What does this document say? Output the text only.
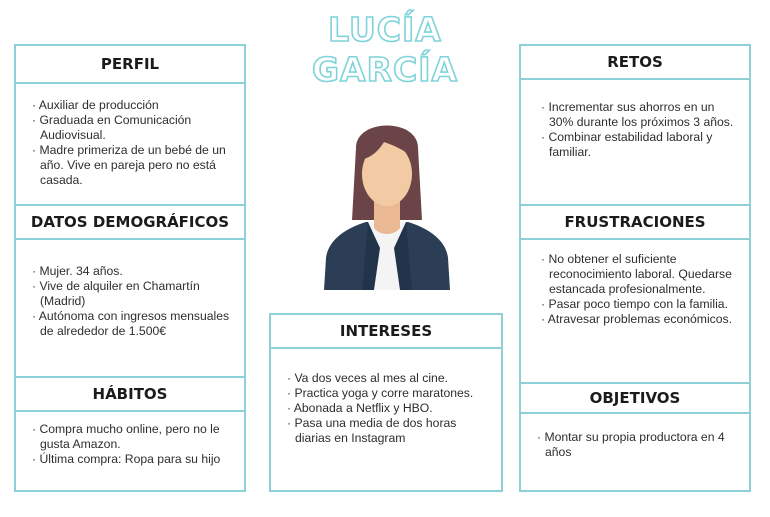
LUCÍA
GARCÍA
PERFIL
· Auxiliar de producción
· Graduada en Comunicación Audiovisual.
· Madre primeriza de un bebé de un año. Vive en pareja pero no está casada.
DATOS DEMOGRÁFICOS
· Mujer. 34 años.
· Vive de alquiler en Chamartín (Madrid)
· Autónoma con ingresos mensuales de alrededor de 1.500€
HÁBITOS
· Compra mucho online, pero no le gusta Amazon.
· Última compra: Ropa para su hijo
INTERESES
· Va dos veces al mes al cine.
· Practica yoga y corre maratones.
· Abonada a Netflix y HBO.
· Pasa una media de dos horas diarias en Instagram
RETOS
· Incrementar sus ahorros en un 30% durante los próximos 3 años.
· Combinar estabilidad laboral y familiar.
FRUSTRACIONES
· No obtener el suficiente reconocimiento laboral. Quedarse estancada profesionalmente.
· Pasar poco tiempo con la familia.
· Atravesar problemas económicos.
OBJETIVOS
· Montar su propia productora en 4 años
